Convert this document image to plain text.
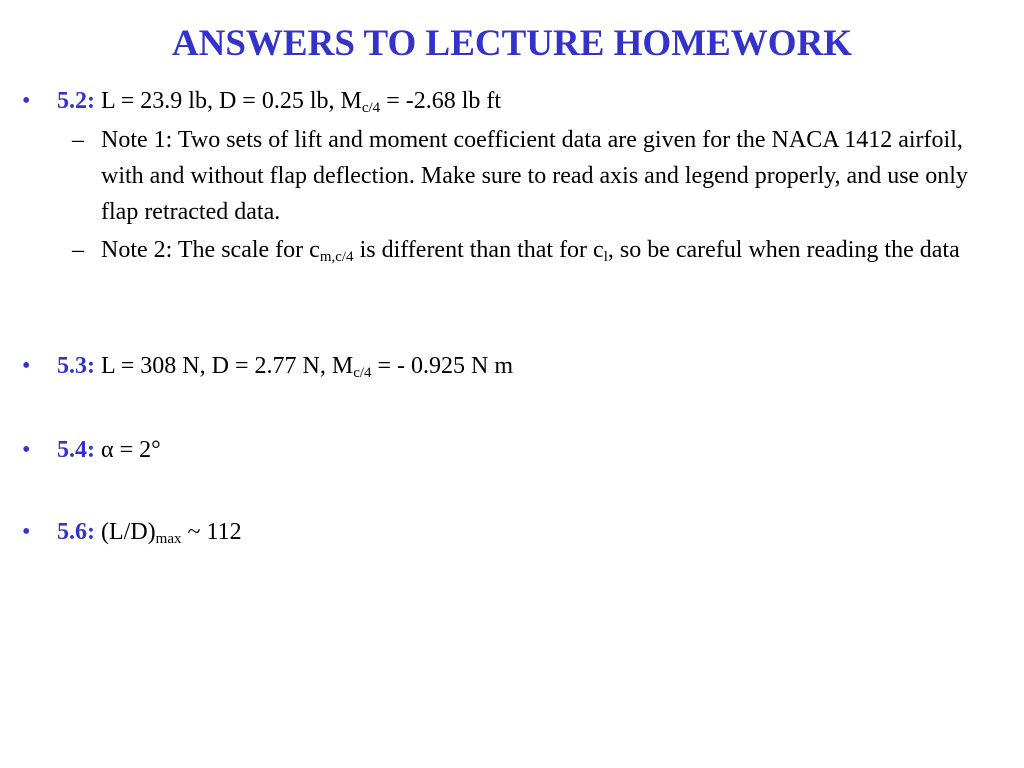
ANSWERS TO LECTURE HOMEWORK
• 5.2: L = 23.9 lb, D = 0.25 lb, $M_{c/4} = -2.68$ lb ft
– Note 1: Two sets of lift and moment coefficient data are given for the NACA 1412 airfoil, with and without flap deflection. Make sure to read axis and legend properly, and use only flap retracted data.
– Note 2: The scale for $c_{m,c/4}$ is different than that for $c_l$, so be careful when reading the data
• 5.3: L = 308 N, D = 2.77 N, $M_{c/4}$ = - 0.925 N m
• 5.4: α = 2°
• 5.6: $(L/D)_{max}$ ~ 112
